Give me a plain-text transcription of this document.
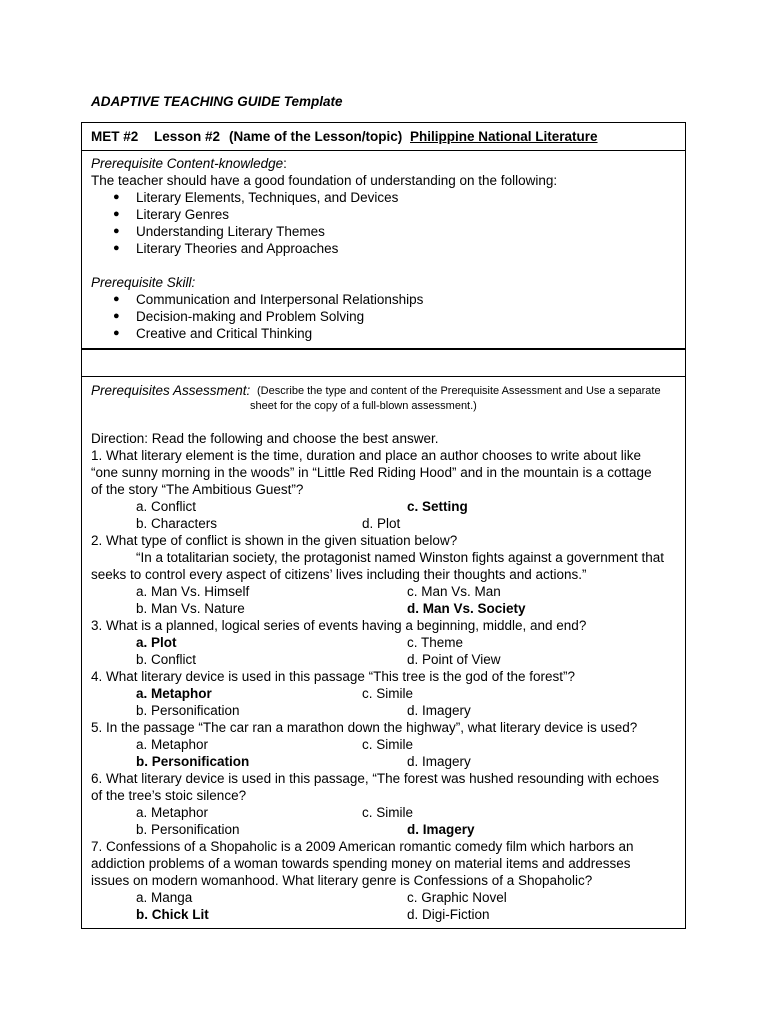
ADAPTIVE TEACHING GUIDE Template
MET #2 Lesson #2 (Name of the Lesson/topic) Philippine National Literature
Prerequisite Content-knowledge:
The teacher should have a good foundation of understanding on the following:
● Literary Elements, Techniques, and Devices
● Literary Genres
● Understanding Literary Themes
● Literary Theories and Approaches
Prerequisite Skill:
● Communication and Interpersonal Relationships
● Decision-making and Problem Solving
● Creative and Critical Thinking
Prerequisites Assessment: (Describe the type and content of the Prerequisite Assessment and Use a separate
sheet for the copy of a full-blown assessment.)
Direction: Read the following and choose the best answer.
1. What literary element is the time, duration and place an author chooses to write about like
“one sunny morning in the woods” in “Little Red Riding Hood” and in the mountain is a cottage
of the story “The Ambitious Guest”?
a. Conflict	c. Setting
b. Characters	d. Plot
2. What type of conflict is shown in the given situation below?
“In a totalitarian society, the protagonist named Winston fights against a government that
seeks to control every aspect of citizens’ lives including their thoughts and actions.”
a. Man Vs. Himself	c. Man Vs. Man
b. Man Vs. Nature	d. Man Vs. Society
3. What is a planned, logical series of events having a beginning, middle, and end?
a. Plot	c. Theme
b. Conflict	d. Point of View
4. What literary device is used in this passage “This tree is the god of the forest”?
a. Metaphor	c. Simile
b. Personification	d. Imagery
5. In the passage “The car ran a marathon down the highway”, what literary device is used?
a. Metaphor	c. Simile
b. Personification	d. Imagery
6. What literary device is used in this passage, “The forest was hushed resounding with echoes
of the tree’s stoic silence?
a. Metaphor	c. Simile
b. Personification	d. Imagery
7. Confessions of a Shopaholic is a 2009 American romantic comedy film which harbors an
addiction problems of a woman towards spending money on material items and addresses
issues on modern womanhood. What literary genre is Confessions of a Shopaholic?
a. Manga	c. Graphic Novel
b. Chick Lit	d. Digi-Fiction
